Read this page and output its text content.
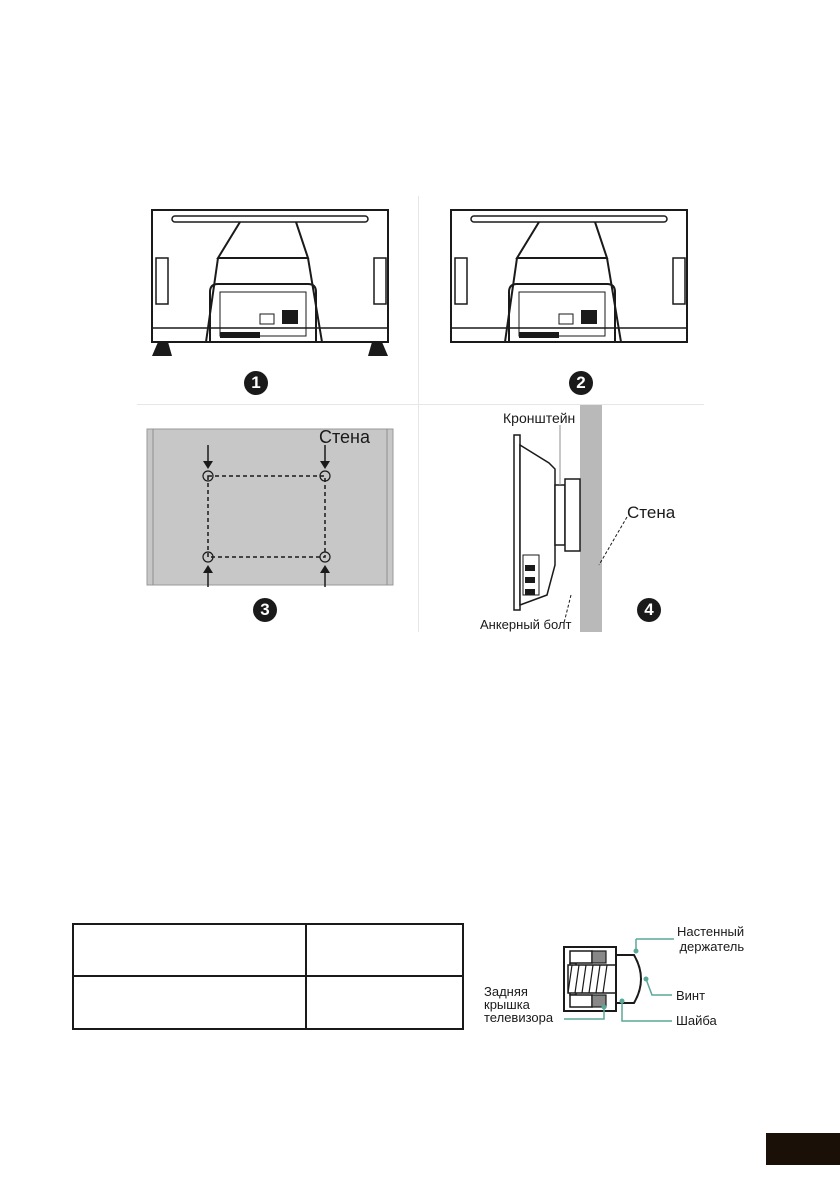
1	2
Стена
3
Кронштейн
Стена
Анкерный болт
4
Настенный
держатель
Винт
Шайба
Задняя
крышка
телевизора
